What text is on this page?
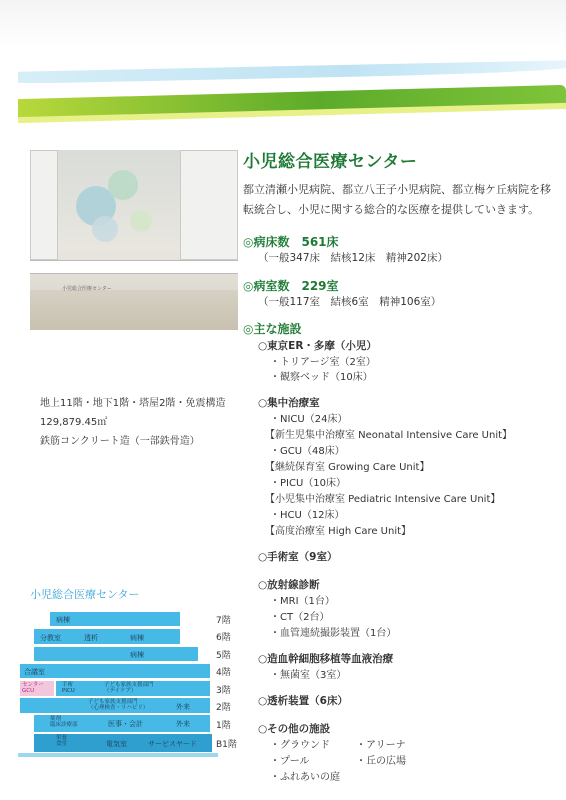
小児総合医療センター
小児総合医療センター
都立清瀬小児病院、都立八王子小児病院、都立梅ケ丘病院を移転統合し、小児に関する総合的な医療を提供していきます。
◎病床数　561床
（一般347床　結核12床　精神202床）
◎病室数　229室
（一般117室　結核6室　精神106室）
◎主な施設
○東京ER・多摩（小児）
・トリアージ室（2室）
・観察ベッド（10床）
○集中治療室
・NICU（24床）
【新生児集中治療室 Neonatal Intensive Care Unit】
・GCU（48床）
【継続保育室 Growing Care Unit】
・PICU（10床）
【小児集中治療室 Pediatric Intensive Care Unit】
・HCU（12床）
【高度治療室 High Care Unit】
○手術室（9室）
○放射線診断
・MRI（1台）
・CT（2台）
・血管連続撮影装置（1台）
○造血幹細胞移植等血液治療
・無菌室（3室）
○透析装置（6床）
○その他の施設
・グラウンド
・プール
・ふれあいの庭
・アリーナ
・丘の広場
地上11階・地下1階・塔屋2階・免震構造
129,879.45㎡
鉄筋コンクリート造（一部鉄骨造）
小児総合医療センター
病棟
分教室	透析	病棟
病棟
合議室
センター
GCU
手術
PICU
子ども家族支援部門
（デイケア）
子ども家族支援部門
（心理検査・リハビリ）	外来
薬剤
臨床診療部	医事・会計	外来
栄養
食堂	電気室	サービスヤード
7階
6階
5階
4階
3階
2階
1階
B1階
